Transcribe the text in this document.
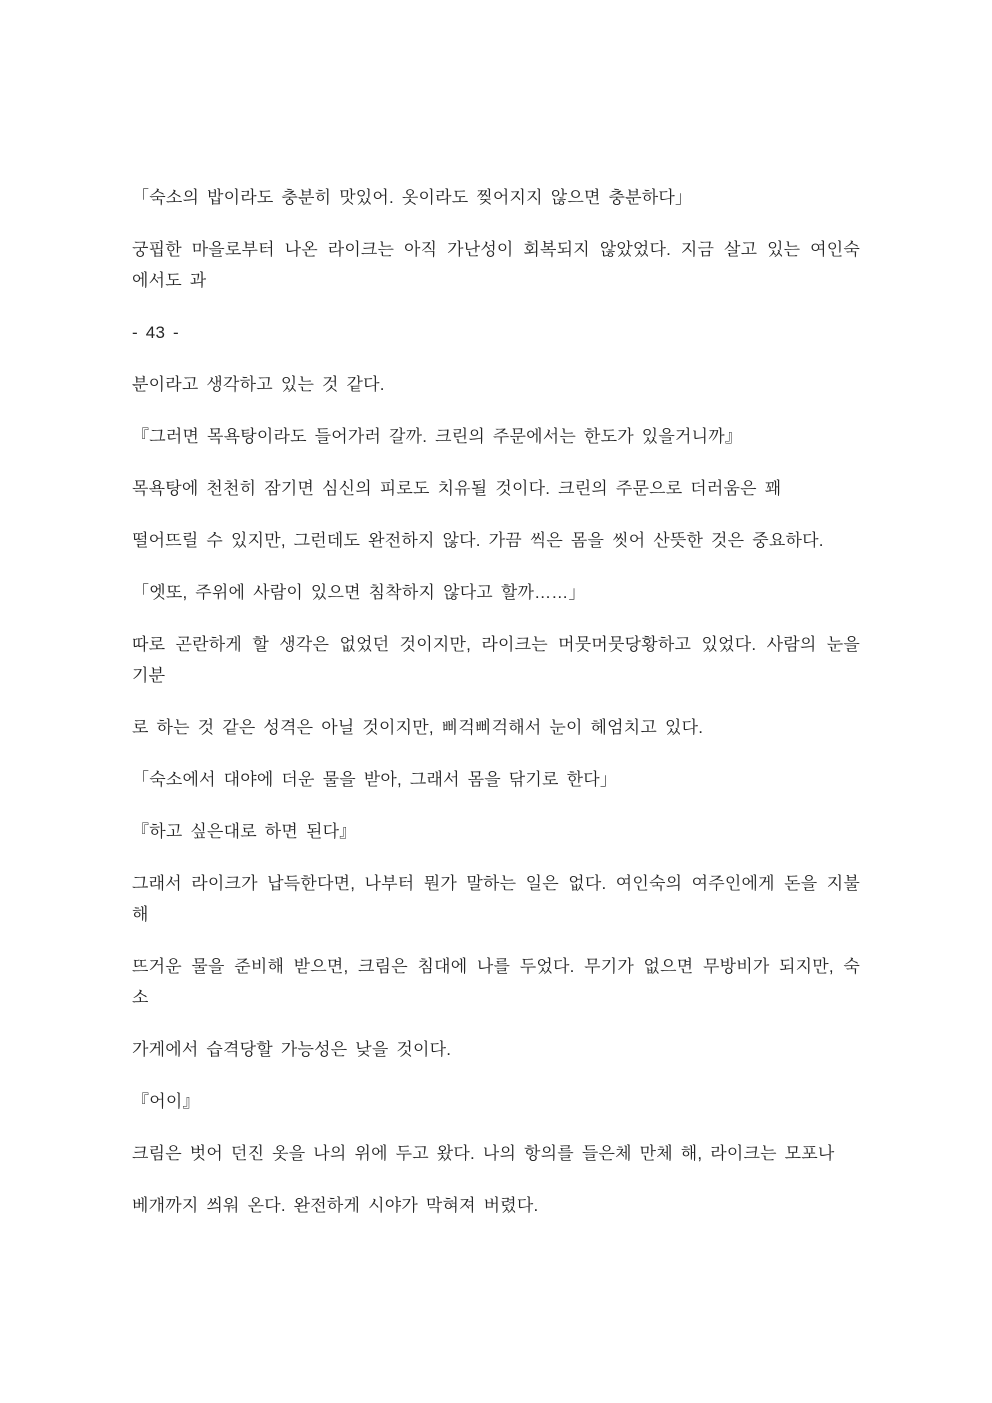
「숙소의 밥이라도 충분히 맛있어. 옷이라도 찢어지지 않으면 충분하다」
궁핍한 마을로부터 나온 라이크는 아직 가난성이 회복되지 않았었다. 지금 살고 있는 여인숙
에서도 과
- 43 -
분이라고 생각하고 있는 것 같다.
『그러면 목욕탕이라도 들어가러 갈까. 크린의 주문에서는 한도가 있을거니까』
목욕탕에 천천히 잠기면 심신의 피로도 치유될 것이다. 크린의 주문으로 더러움은 꽤
떨어뜨릴 수 있지만, 그런데도 완전하지 않다. 가끔 씩은 몸을 씻어 산뜻한 것은 중요하다.
「엣또, 주위에 사람이 있으면 침착하지 않다고 할까……」
따로 곤란하게 할 생각은 없었던 것이지만, 라이크는 머뭇머뭇당황하고 있었다. 사람의 눈을
기분
로 하는 것 같은 성격은 아닐 것이지만, 삐걱삐걱해서 눈이 헤엄치고 있다.
「숙소에서 대야에 더운 물을 받아, 그래서 몸을 닦기로 한다」
『하고 싶은대로 하면 된다』
그래서 라이크가 납득한다면, 나부터 뭔가 말하는 일은 없다. 여인숙의 여주인에게 돈을 지불
해
뜨거운 물을 준비해 받으면, 크림은 침대에 나를 두었다. 무기가 없으면 무방비가 되지만, 숙
소
가게에서 습격당할 가능성은 낮을 것이다.
『어이』
크림은 벗어 던진 옷을 나의 위에 두고 왔다. 나의 항의를 들은체 만체 해, 라이크는 모포나
베개까지 씌워 온다. 완전하게 시야가 막혀져 버렸다.
